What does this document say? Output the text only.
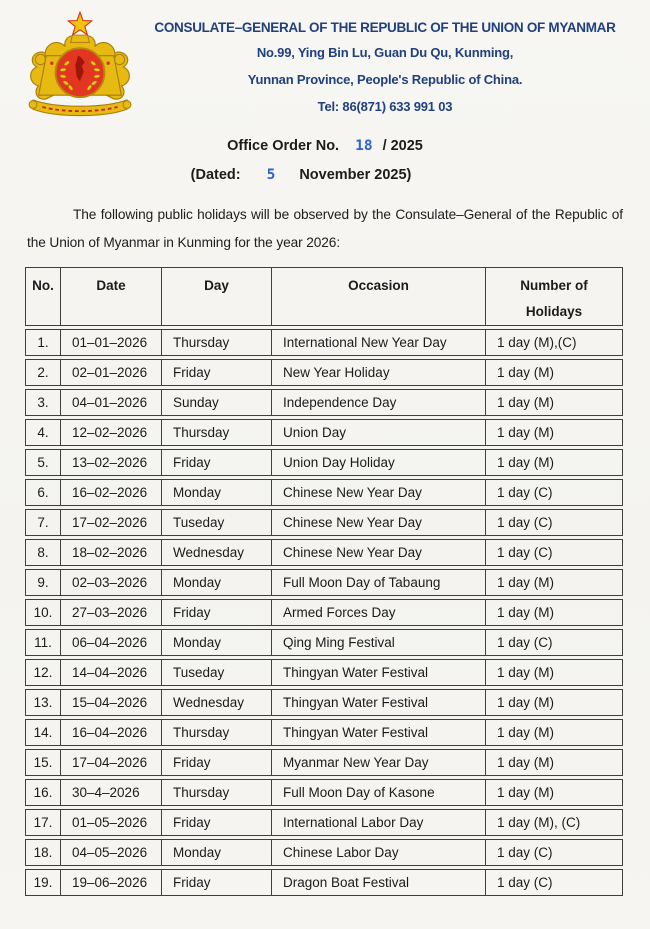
CONSULATE–GENERAL OF THE REPUBLIC OF THE UNION OF MYANMAR
No.99, Ying Bin Lu, Guan Du Qu, Kunming,
Yunnan Province, People's Republic of China.
Tel: 86(871) 633 991 03
Office Order No. 18 / 2025
(Dated: 5 November 2025)
The following public holidays will be observed by the Consulate–General of the Republic of the Union of Myanmar in Kunming for the year 2026:
No.	Date	Day	Occasion	Number of Holidays
1.	01–01–2026	Thursday	International New Year Day	1 day (M),(C)
2.	02–01–2026	Friday	New Year Holiday	1 day (M)
3.	04–01–2026	Sunday	Independence Day	1 day (M)
4.	12–02–2026	Thursday	Union Day	1 day (M)
5.	13–02–2026	Friday	Union Day Holiday	1 day (M)
6.	16–02–2026	Monday	Chinese New Year Day	1 day (C)
7.	17–02–2026	Tuseday	Chinese New Year Day	1 day (C)
8.	18–02–2026	Wednesday	Chinese New Year Day	1 day (C)
9.	02–03–2026	Monday	Full Moon Day of Tabaung	1 day (M)
10.	27–03–2026	Friday	Armed Forces Day	1 day (M)
11.	06–04–2026	Monday	Qing Ming Festival	1 day (C)
12.	14–04–2026	Tuseday	Thingyan Water Festival	1 day (M)
13.	15–04–2026	Wednesday	Thingyan Water Festival	1 day (M)
14.	16–04–2026	Thursday	Thingyan Water Festival	1 day (M)
15.	17–04–2026	Friday	Myanmar New Year Day	1 day (M)
16.	30–4–2026	Thursday	Full Moon Day of Kasone	1 day (M)
17.	01–05–2026	Friday	International Labor Day	1 day (M), (C)
18.	04–05–2026	Monday	Chinese Labor Day	1 day (C)
19.	19–06–2026	Friday	Dragon Boat Festival	1 day (C)
